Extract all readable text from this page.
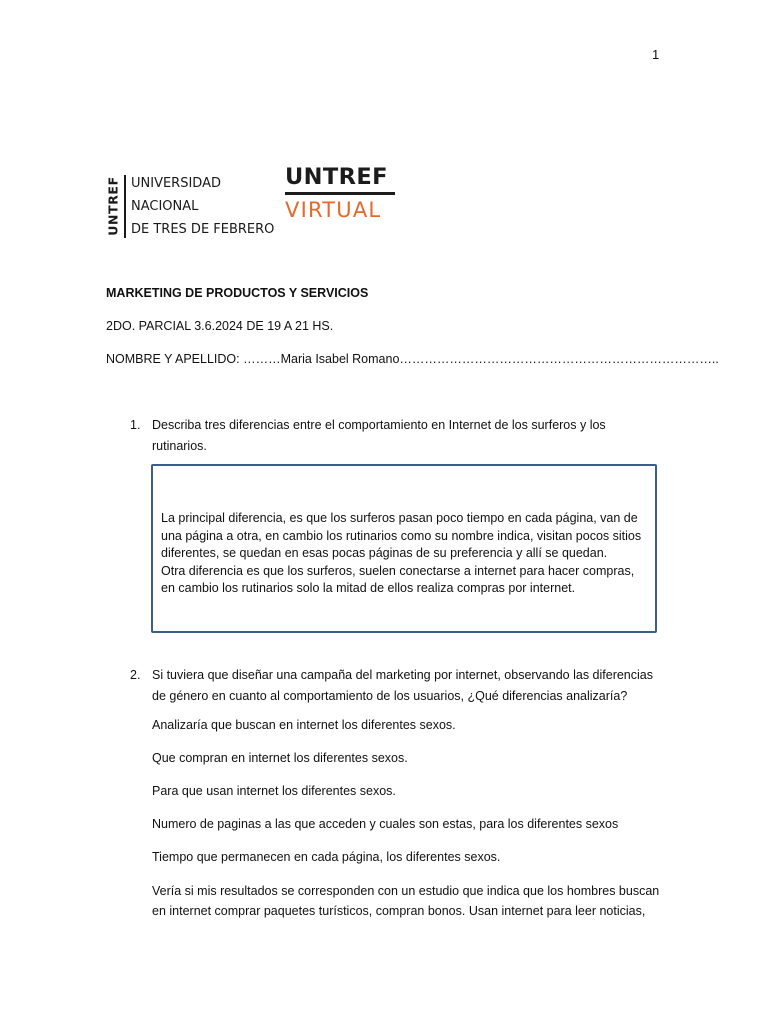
1
UNTREF UNIVERSIDAD
NACIONAL
DE TRES DE FEBRERO
UNTREF
VIRTUAL
MARKETING DE PRODUCTOS Y SERVICIOS
2DO. PARCIAL 3.6.2024 DE 19 A 21 HS.
NOMBRE Y APELLIDO: ………Maria Isabel Romano…………………………………………………………………..
1. Describa tres diferencias entre el comportamiento en Internet de los surferos y los rutinarios.

La principal diferencia, es que los surferos pasan poco tiempo en cada página, van de una página a otra, en cambio los rutinarios como su nombre indica, visitan pocos sitios diferentes, se quedan en esas pocas páginas de su preferencia y allí se quedan.

Otra diferencia es que los surferos, suelen conectarse a internet para hacer compras, en cambio los rutinarios solo la mitad de ellos realiza compras por internet.

2. Si tuviera que diseñar una campaña del marketing por internet, observando las diferencias de género en cuanto al comportamiento de los usuarios, ¿Qué diferencias analizaría?

Analizaría que buscan en internet los diferentes sexos.

Que compran en internet los diferentes sexos.

Para que usan internet los diferentes sexos.

Numero de paginas a las que acceden y cuales son estas, para los diferentes sexos

Tiempo que permanecen en cada página, los diferentes sexos.

Vería si mis resultados se corresponden con un estudio que indica que los hombres buscan en internet comprar paquetes turísticos, compran bonos. Usan internet para leer noticias,
